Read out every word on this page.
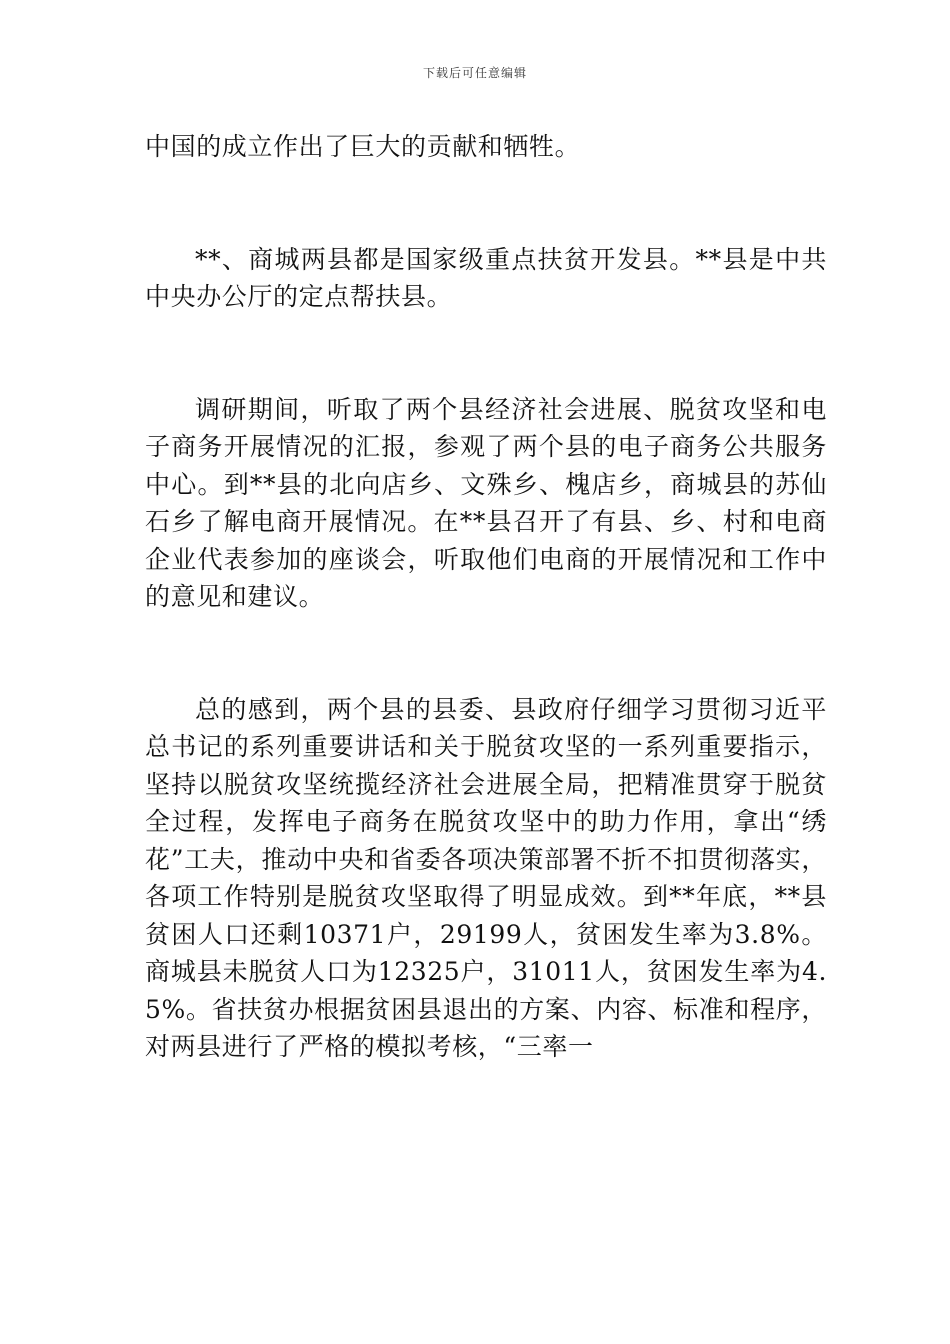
下载后可任意编辑

中国的成立作出了巨大的贡献和牺牲。

**、商城两县都是国家级重点扶贫开发县。**县是中共中央办公厅的定点帮扶县。

调研期间，听取了两个县经济社会进展、脱贫攻坚和电子商务开展情况的汇报，参观了两个县的电子商务公共服务中心。到**县的北向店乡、文殊乡、槐店乡，商城县的苏仙石乡了解电商开展情况。在**县召开了有县、乡、村和电商企业代表参加的座谈会，听取他们电商的开展情况和工作中的意见和建议。

总的感到，两个县的县委、县政府仔细学习贯彻习近平总书记的系列重要讲话和关于脱贫攻坚的一系列重要指示，坚持以脱贫攻坚统揽经济社会进展全局，把精准贯穿于脱贫全过程，发挥电子商务在脱贫攻坚中的助力作用，拿出“绣花”工夫，推动中央和省委各项决策部署不折不扣贯彻落实，各项工作特别是脱贫攻坚取得了明显成效。到**年底，**县贫困人口还剩10371户，29199人，贫困发生率为3.8%。商城县未脱贫人口为12325户，31011人，贫困发生率为4.5%。省扶贫办根据贫困县退出的方案、内容、标准和程序，对两县进行了严格的模拟考核，“三率一
